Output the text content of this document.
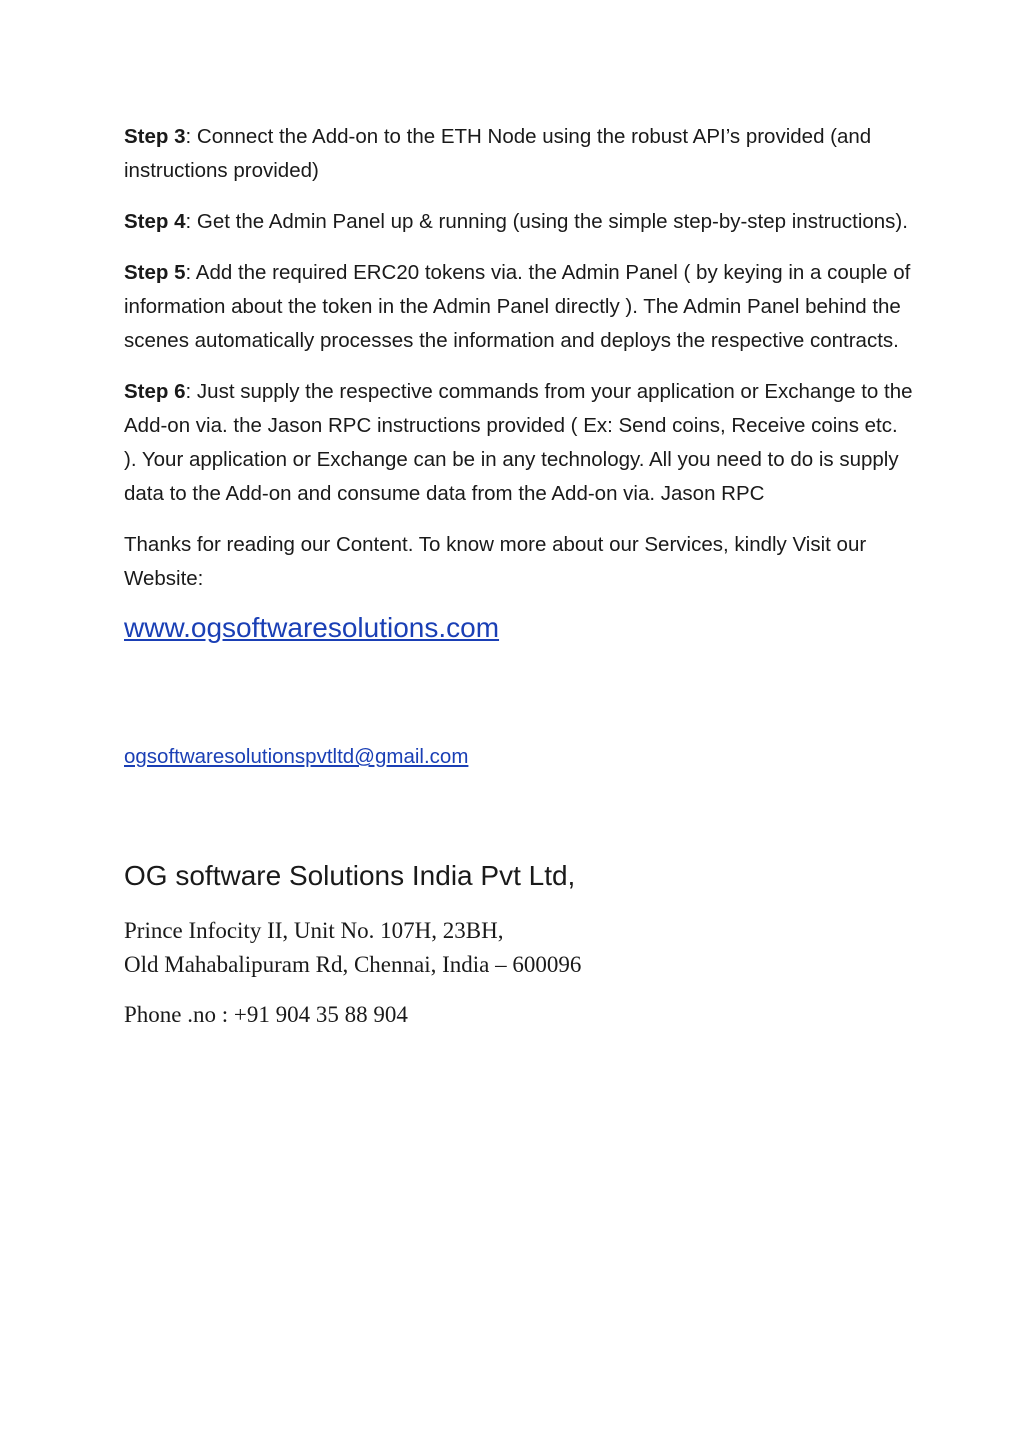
Step 3: Connect the Add-on to the ETH Node using the robust API’s provided (and instructions provided)

Step 4: Get the Admin Panel up & running (using the simple step-by-step instructions).

Step 5: Add the required ERC20 tokens via. the Admin Panel ( by keying in a couple of information about the token in the Admin Panel directly ). The Admin Panel behind the scenes automatically processes the information and deploys the respective contracts.

Step 6: Just supply the respective commands from your application or Exchange to the Add-on via. the Jason RPC instructions provided ( Ex: Send coins, Receive coins etc. ). Your application or Exchange can be in any technology. All you need to do is supply data to the Add-on and consume data from the Add-on via. Jason RPC

Thanks for reading our Content. To know more about our Services, kindly Visit our Website:

www.ogsoftwaresolutions.com
ogsoftwaresolutionspvtltd@gmail.com
OG software Solutions India Pvt Ltd,
Prince Infocity II, Unit No. 107H, 23BH,
Old Mahabalipuram Rd, Chennai, India – 600096
Phone .no : +91 904 35 88 904
